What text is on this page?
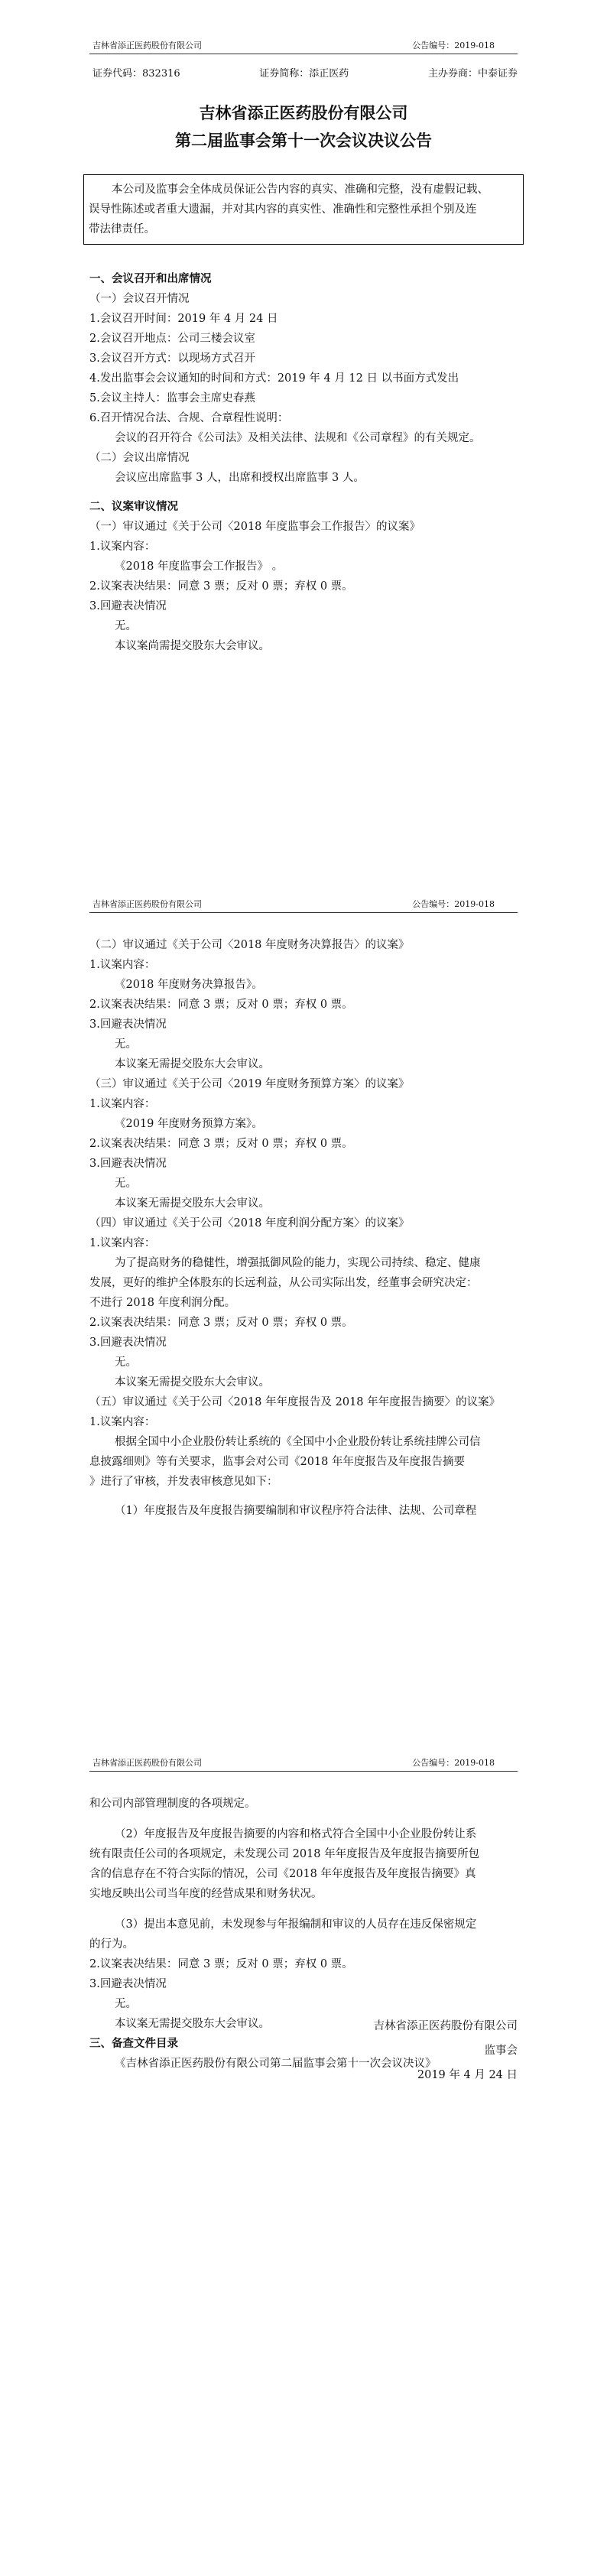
吉林省添正医药股份有限公司	公告编号：2019-018
证券代码：832316	证券简称：添正医药	主办券商：中泰证券
吉林省添正医药股份有限公司
第二届监事会第十一次会议决议公告
本公司及监事会全体成员保证公告内容的真实、准确和完整，没有虚假记载、
误导性陈述或者重大遗漏，并对其内容的真实性、准确性和完整性承担个别及连
带法律责任。
一、会议召开和出席情况
（一）会议召开情况
1.会议召开时间：2019 年 4 月 24 日
2.会议召开地点：公司三楼会议室
3.会议召开方式：以现场方式召开
4.发出监事会会议通知的时间和方式：2019 年 4 月 12 日 以书面方式发出
5.会议主持人：监事会主席史春燕
6.召开情况合法、合规、合章程性说明：
会议的召开符合《公司法》及相关法律、法规和《公司章程》的有关规定。
（二）会议出席情况
会议应出席监事 3 人，出席和授权出席监事 3 人。
二、议案审议情况
（一）审议通过《关于公司〈2018 年度监事会工作报告〉的议案》
1.议案内容：
《2018 年度监事会工作报告》 。
2.议案表决结果：同意 3 票；反对 0 票；弃权 0 票。
3.回避表决情况
无。
本议案尚需提交股东大会审议。
吉林省添正医药股份有限公司	公告编号：2019-018
（二）审议通过《关于公司〈2018 年度财务决算报告〉的议案》
1.议案内容：
《2018 年度财务决算报告》。
2.议案表决结果：同意 3 票；反对 0 票；弃权 0 票。
3.回避表决情况
无。
本议案无需提交股东大会审议。
（三）审议通过《关于公司〈2019 年度财务预算方案〉的议案》
1.议案内容：
《2019 年度财务预算方案》。
2.议案表决结果：同意 3 票；反对 0 票；弃权 0 票。
3.回避表决情况
无。
本议案无需提交股东大会审议。
（四）审议通过《关于公司〈2018 年度利润分配方案〉的议案》
1.议案内容：
为了提高财务的稳健性，增强抵御风险的能力，实现公司持续、稳定、健康
发展，更好的维护全体股东的长远利益，从公司实际出发，经董事会研究决定：
不进行 2018 年度利润分配。
2.议案表决结果：同意 3 票；反对 0 票；弃权 0 票。
3.回避表决情况
无。
本议案无需提交股东大会审议。
（五）审议通过《关于公司〈2018 年年度报告及 2018 年年度报告摘要〉的议案》
1.议案内容：
根据全国中小企业股份转让系统的《全国中小企业股份转让系统挂牌公司信
息披露细则》等有关要求，监事会对公司《2018 年年度报告及年度报告摘要
》进行了审核，并发表审核意见如下：
（1）年度报告及年度报告摘要编制和审议程序符合法律、法规、公司章程
吉林省添正医药股份有限公司	公告编号：2019-018
和公司内部管理制度的各项规定。
（2）年度报告及年度报告摘要的内容和格式符合全国中小企业股份转让系
统有限责任公司的各项规定，未发现公司 2018 年年度报告及年度报告摘要所包
含的信息存在不符合实际的情况，公司《2018 年年度报告及年度报告摘要》真
实地反映出公司当年度的经营成果和财务状况。
（3）提出本意见前，未发现参与年报编制和审议的人员存在违反保密规定
的行为。
2.议案表决结果：同意 3 票；反对 0 票；弃权 0 票。
3.回避表决情况
无。
本议案无需提交股东大会审议。
三、备查文件目录
《吉林省添正医药股份有限公司第二届监事会第十一次会议决议》
吉林省添正医药股份有限公司
监事会
2019 年 4 月 24 日
